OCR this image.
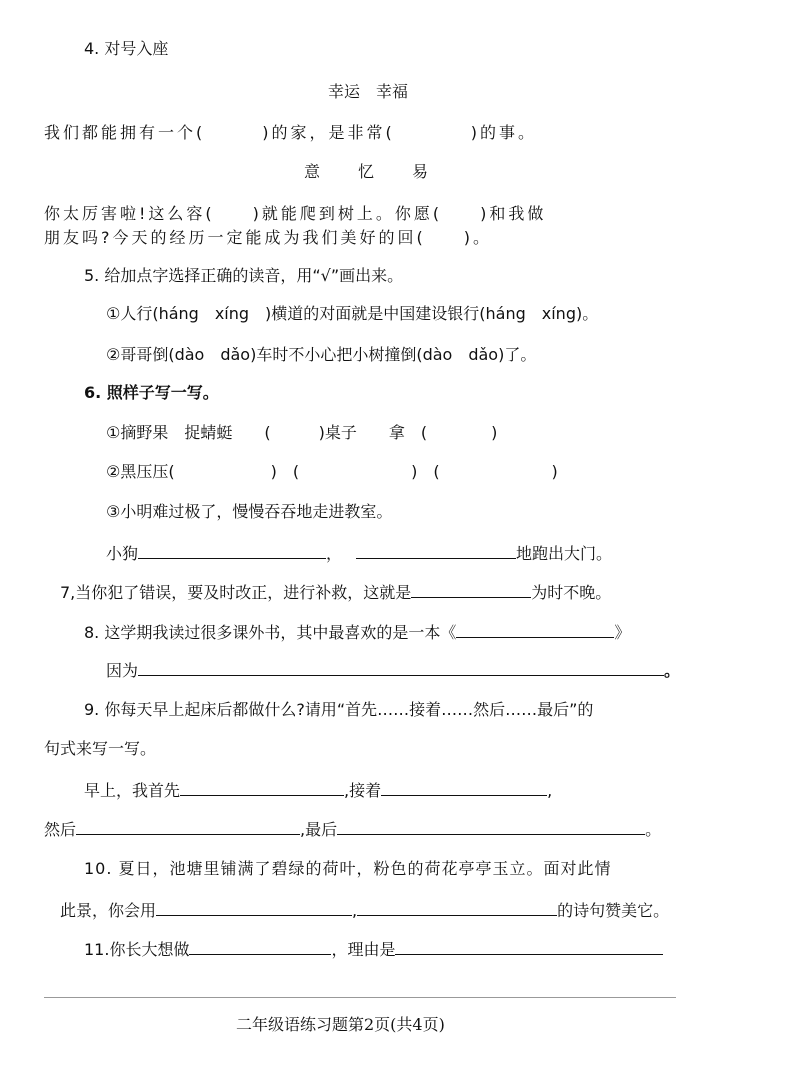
4. 对号入座
幸运　幸福
我们都能拥有一个(　　　)的家，是非常(　　　　)的事。
意　　忆　　易
你太厉害啦!这么容(　　)就能爬到树上。你愿(　　)和我做
朋友吗?今天的经历一定能成为我们美好的回(　　)。
5. 给加点字选择正确的读音，用“√”画出来。
①人行(háng　xíng　)横道的对面就是中国建设银行(háng　xíng)。
②哥哥倒(dào　dǎo)车时不小心把小树撞倒(dào　dǎo)了。
6. 照样子写一写。
①摘野果　捉蜻蜓　　(　　　)桌子　　拿　(　　　　)
②黑压压(　　　　　　)　(　　　　　　　)　(　　　　　　　)
③小明难过极了，慢慢吞吞地走进教室。
小狗	，	地跑出大门。
7,当你犯了错误，要及时改正，进行补救，这就是	为时不晚。
8. 这学期我读过很多课外书，其中最喜欢的是一本《	》
因为	。
9. 你每天早上起床后都做什么?请用“首先……接着……然后……最后”的
句式来写一写。
早上，我首先	,接着	,
然后	,最后	。
10. 夏日，池塘里铺满了碧绿的荷叶，粉色的荷花亭亭玉立。面对此情
此景，你会用	,	的诗句赞美它。
11.你长大想做	，理由是
二年级语练习题第2页(共4页)
